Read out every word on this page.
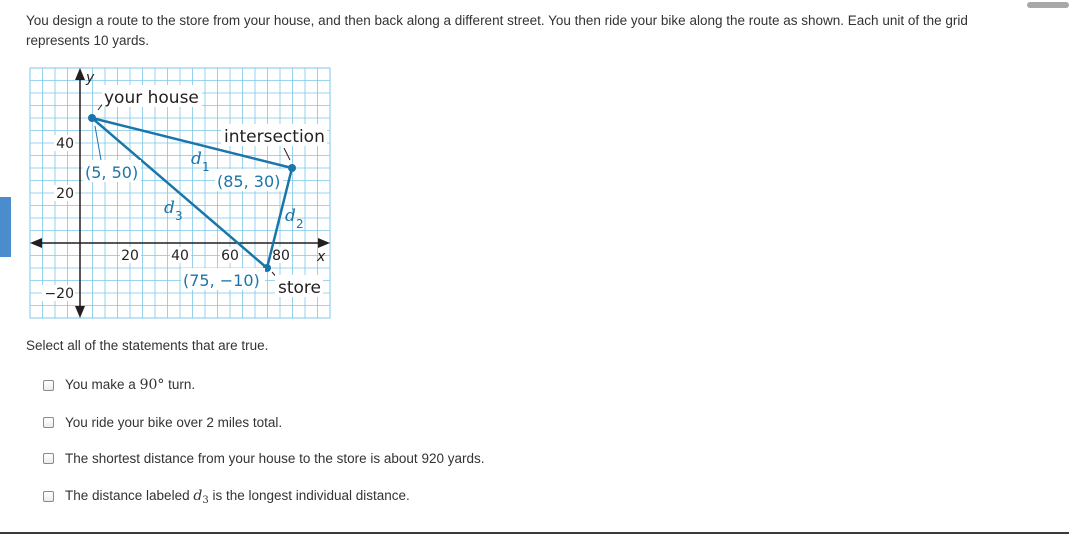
You design a route to the store from your house, and then back along a different street. You then ride your bike along the route as shown. Each unit of the grid represents 10 yards.

y
x
20 40 60 80
40
20
−20
your house
intersection
store
(5, 50)	(85, 30)
(75, −10)
d 1
d 2
d 3

Select all of the statements that are true.

You make a 90° turn.
You ride your bike over 2 miles total.
The shortest distance from your house to the store is about 920 yards.
The distance labeled $d_3$ is the longest individual distance.
